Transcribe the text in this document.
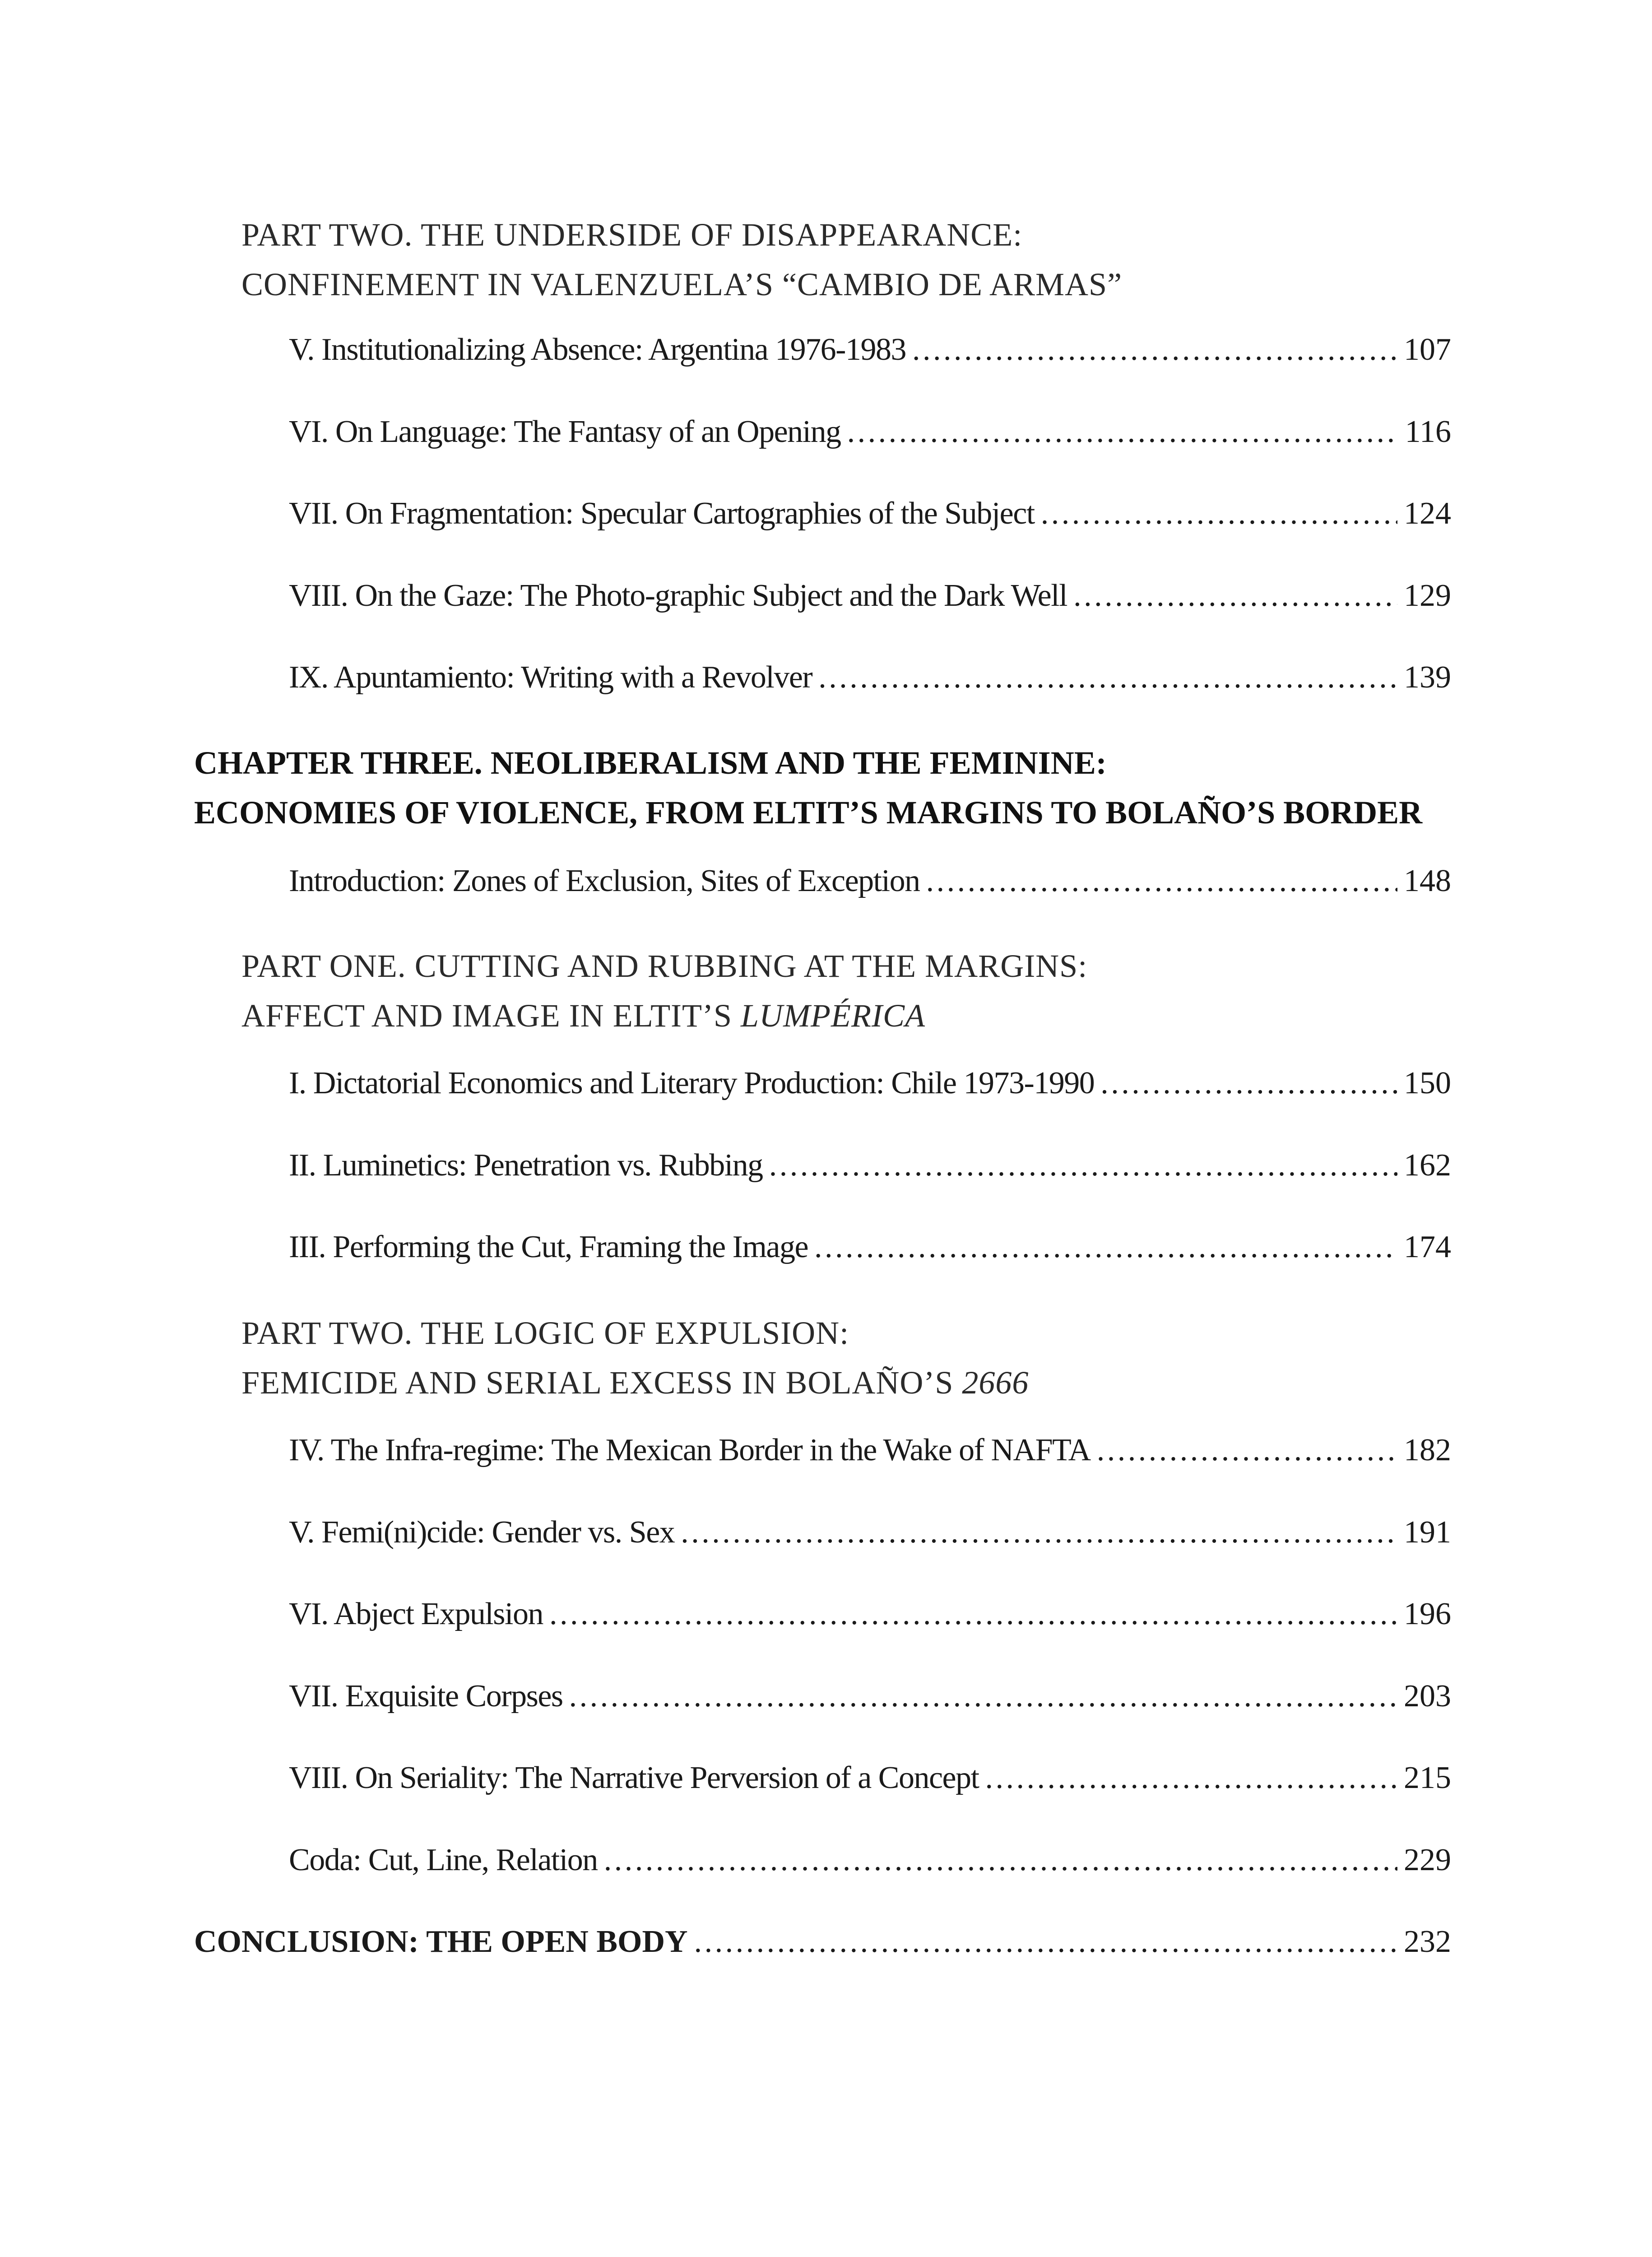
PART TWO. THE UNDERSIDE OF DISAPPEARANCE:
CONFINEMENT IN VALENZUELA’S “CAMBIO DE ARMAS”
V. Institutionalizing Absence: Argentina 1976-1983 . . .	107
VI. On Language: The Fantasy of an Opening . . .	116
VII. On Fragmentation: Specular Cartographies of the Subject . . .	124
VIII. On the Gaze: The Photo-graphic Subject and the Dark Well . . .	129
IX. Apuntamiento: Writing with a Revolver . . .	139
CHAPTER THREE. NEOLIBERALISM AND THE FEMININE:
ECONOMIES OF VIOLENCE, FROM ELTIT’S MARGINS TO BOLAÑO’S BORDER
Introduction: Zones of Exclusion, Sites of Exception . . .	148
PART ONE. CUTTING AND RUBBING AT THE MARGINS:
AFFECT AND IMAGE IN ELTIT’S LUMPÉRICA
I. Dictatorial Economics and Literary Production: Chile 1973-1990 . . .	150
II. Luminetics: Penetration vs. Rubbing . . .	162
III. Performing the Cut, Framing the Image . . .	174
PART TWO. THE LOGIC OF EXPULSION:
FEMICIDE AND SERIAL EXCESS IN BOLAÑO’S 2666
IV. The Infra-regime: The Mexican Border in the Wake of NAFTA . . .	182
V. Femi(ni)cide: Gender vs. Sex . . .	191
VI. Abject Expulsion . . .	196
VII. Exquisite Corpses . . .	203
VIII. On Seriality: The Narrative Perversion of a Concept . . .	215
Coda: Cut, Line, Relation . . .	229
CONCLUSION: THE OPEN BODY . . .	232
